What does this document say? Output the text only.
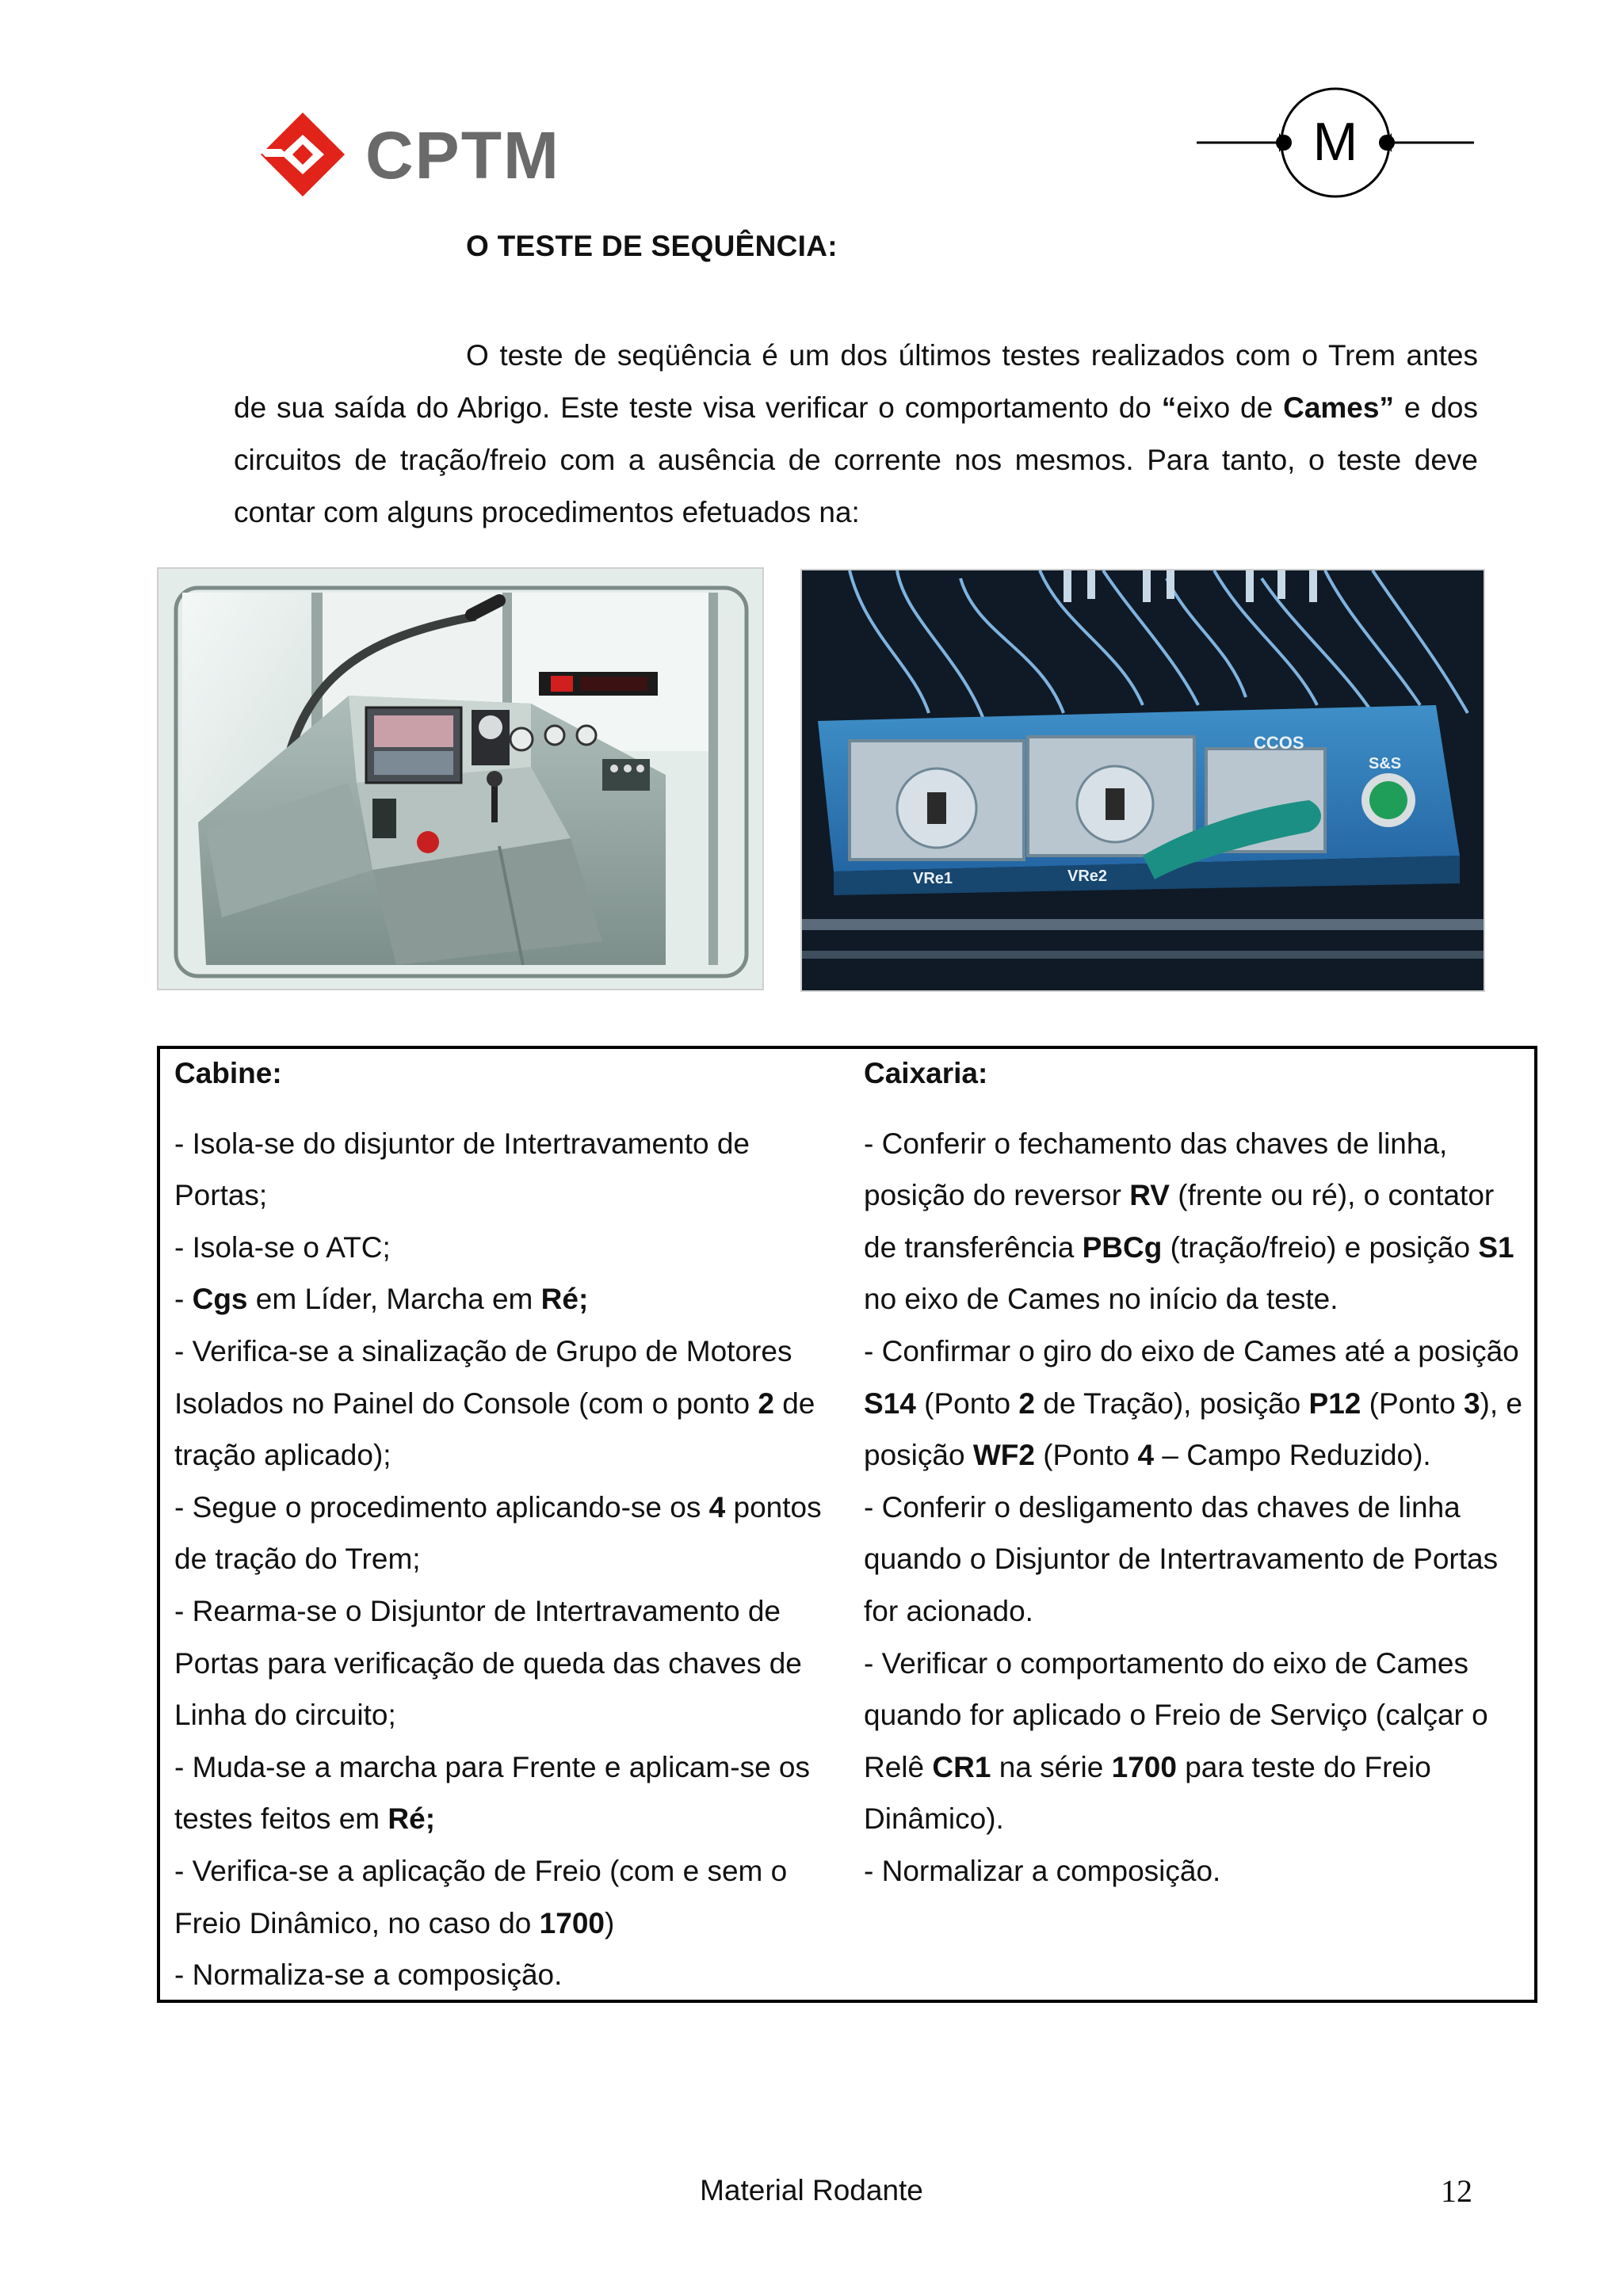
CPTM	M
O TESTE DE SEQUÊNCIA:
O teste de seqüência é um dos últimos testes realizados com o Trem antes de sua saída do Abrigo. Este teste visa verificar o comportamento do “eixo de Cames” e dos circuitos de tração/freio com a ausência de corrente nos mesmos. Para tanto, o teste deve contar com alguns procedimentos efetuados na:
CCOS
S&S
VRe1	VRe2
Cabine:

- Isola-se do disjuntor de Intertravamento de Portas;

- Isola-se o ATC;

- Cgs em Líder, Marcha em Ré;

- Verifica-se a sinalização de Grupo de Motores Isolados no Painel do Console (com o ponto 2 de tração aplicado);

- Segue o procedimento aplicando-se os 4 pontos de tração do Trem;

- Rearma-se o Disjuntor de Intertravamento de Portas para verificação de queda das chaves de Linha do circuito;

- Muda-se a marcha para Frente e aplicam-se os testes feitos em Ré;

- Verifica-se a aplicação de Freio (com e sem o Freio Dinâmico, no caso do 1700)

- Normaliza-se a composição.

Caixaria:

- Conferir o fechamento das chaves de linha, posição do reversor RV (frente ou ré), o contator de transferência PBCg (tração/freio) e posição S1 no eixo de Cames no início da teste.

- Confirmar o giro do eixo de Cames até a posição S14 (Ponto 2 de Tração), posição P12 (Ponto 3), e posição WF2 (Ponto 4 – Campo Reduzido).

- Conferir o desligamento das chaves de linha quando o Disjuntor de Intertravamento de Portas for acionado.

- Verificar o comportamento do eixo de Cames quando for aplicado o Freio de Serviço (calçar o Relê CR1 na série 1700 para teste do Freio Dinâmico).

- Normalizar a composição.

Material Rodante	12
